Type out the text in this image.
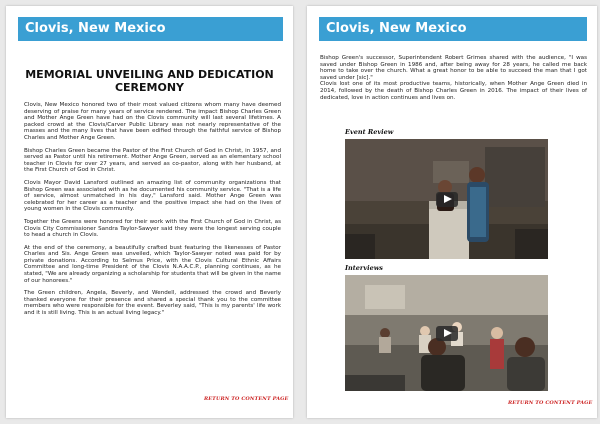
Clovis, New Mexico
MEMORIAL UNVEILING AND DEDICATION
CEREMONY

Clovis, New Mexico honored two of their most valued citizens whom many have deemed deserving of praise for many years of service rendered. The impact Bishop Charles Green and Mother Ange Green have had on the Clovis community will last several lifetimes. A packed crowd at the Clovis/Carver Public Library was not nearly representative of the masses and the many lives that have been edified through the faithful service of Bishop Charles and Mother Ange Green.

Bishop Charles Green became the Pastor of the First Church of God in Christ, in 1957, and served as Pastor until his retirement. Mother Ange Green, served as an elementary school teacher in Clovis for over 27 years, and served as co-pastor, along with her husband, at the First Church of God in Christ.

Clovis Mayor David Lansford outlined an amazing list of community organizations that Bishop Green was associated with as he documented his community service. "That is a life of service, almost unmatched in his day," Lansford said. Mother Ange Green was celebrated for her career as a teacher and the positive impact she had on the lives of young women in the Clovis community.

Together the Greens were honored for their work with the First Church of God in Christ, as Clovis City Commissioner Sandra Taylor-Sawyer said they were the longest serving couple to head a church in Clovis.

At the end of the ceremony, a beautifully crafted bust featuring the likenesses of Pastor Charles and Sis. Ange Green was unveiled, which Taylor-Sawyer noted was paid for by private donations. According to Selmus Price, with the Clovis Cultural Ethnic Affairs Committee and long-time President of the Clovis N.A.A.C.P., planning continues, as he stated, "We are already organizing a scholarship for students that will be given in the name of our honorees."

The Green children, Angela, Beverly, and Wendell, addressed the crowd and Beverly thanked everyone for their presence and shared a special thank you to the committee members who were responsible for the event. Beverley said, "This is my parents' life work and it is still living. This is an actual living legacy."

RETURN TO CONTENT PAGE
Clovis, New Mexico

Bishop Green's successor, Superintendent Robert Grimes shared with the audience, "I was saved under Bishop Green in 1986 and, after being away for 28 years, he called me back home to take over the church. What a great honor to be able to succeed the man that I got saved under [sic]."

Clovis lost one of its most productive teams, historically, when Mother Ange Green died in 2014, followed by the death of Bishop Charles Green in 2016. The impact of their lives of dedicated, love in action continues and lives on.

Event Review
Interviews
RETURN TO CONTENT PAGE
